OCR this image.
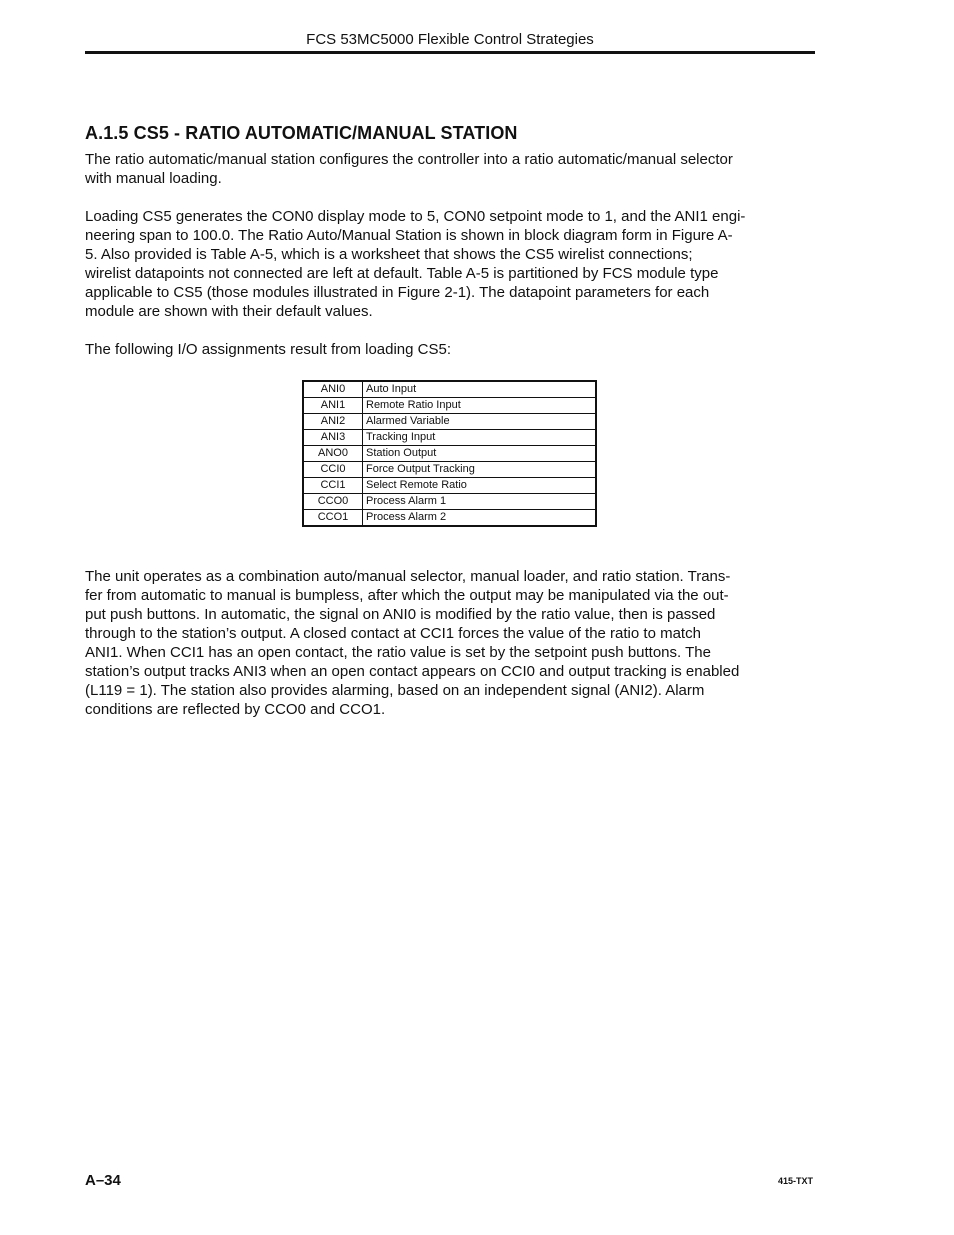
FCS 53MC5000 Flexible Control Strategies
A.1.5 CS5 - RATIO AUTOMATIC/MANUAL STATION

The ratio automatic/manual station configures the controller into a ratio automatic/manual selector
with manual loading.

Loading CS5 generates the CON0 display mode to 5, CON0 setpoint mode to 1, and the ANI1 engi-
neering span to 100.0. The Ratio Auto/Manual Station is shown in block diagram form in Figure A-
5. Also provided is Table A-5, which is a worksheet that shows the CS5 wirelist connections;
wirelist datapoints not connected are left at default. Table A-5 is partitioned by FCS module type
applicable to CS5 (those modules illustrated in Figure 2-1). The datapoint parameters for each
module are shown with their default values.

The following I/O assignments result from loading CS5:

ANI0	Auto Input
ANI1	Remote Ratio Input
ANI2	Alarmed Variable
ANI3	Tracking Input
ANO0	Station Output
CCI0	Force Output Tracking
CCI1	Select Remote Ratio
CCO0	Process Alarm 1
CCO1	Process Alarm 2

The unit operates as a combination auto/manual selector, manual loader, and ratio station. Trans-
fer from automatic to manual is bumpless, after which the output may be manipulated via the out-
put push buttons. In automatic, the signal on ANI0 is modified by the ratio value, then is passed
through to the station’s output. A closed contact at CCI1 forces the value of the ratio to match
ANI1. When CCI1 has an open contact, the ratio value is set by the setpoint push buttons. The
station’s output tracks ANI3 when an open contact appears on CCI0 and output tracking is enabled
(L119 = 1). The station also provides alarming, based on an independent signal (ANI2). Alarm
conditions are reflected by CCO0 and CCO1.

A–34	415-TXT
